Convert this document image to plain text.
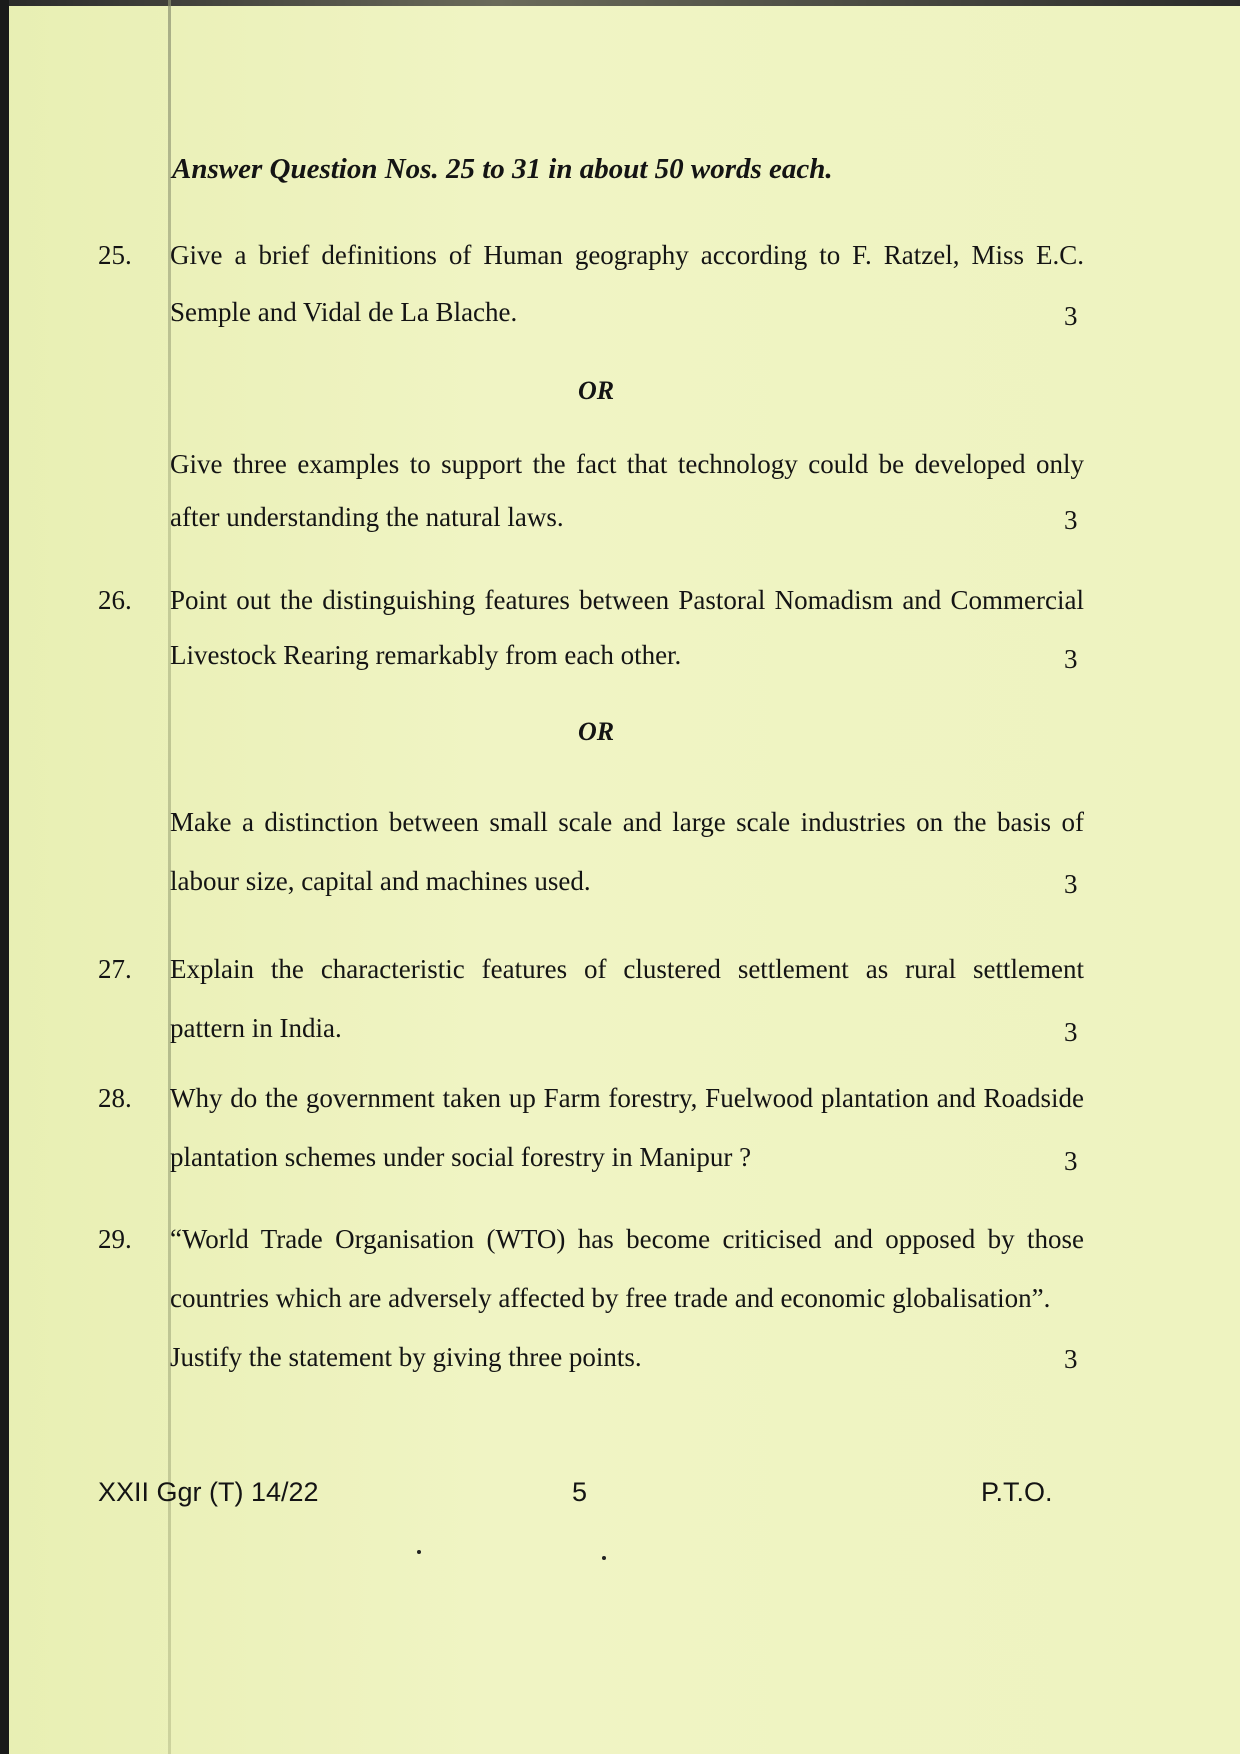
Answer Question Nos. 25 to 31 in about 50 words each.
25. Give a brief definitions of Human geography according to F. Ratzel, Miss E.C.
Semple and Vidal de La Blache.	3
OR
Give three examples to support the fact that technology could be developed only
after understanding the natural laws.	3
26. Point out the distinguishing features between Pastoral Nomadism and Commercial
Livestock Rearing remarkably from each other.	3
OR
Make a distinction between small scale and large scale industries on the basis of
labour size, capital and machines used.	3
27. Explain the characteristic features of clustered settlement as rural settlement
pattern in India.	3
28. Why do the government taken up Farm forestry, Fuelwood plantation and Roadside
plantation schemes under social forestry in Manipur ?	3
29. “World Trade Organisation (WTO) has become criticised and opposed by those
countries which are adversely affected by free trade and economic globalisation”.
Justify the statement by giving three points.	3
XXII Ggr (T) 14/22	5	P.T.O.
